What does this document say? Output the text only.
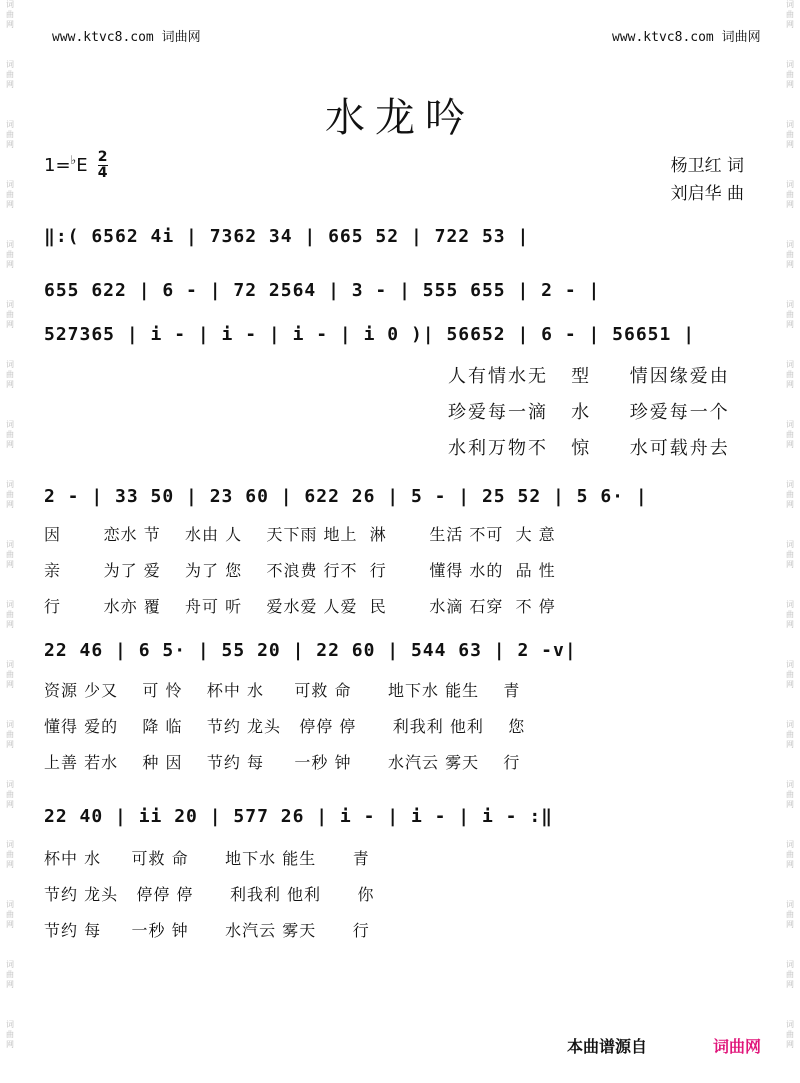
词
曲
网
词
曲
网
词
曲
网
词
曲
网
词
曲
网
词
曲
网
词
曲
网
词
曲
网
词
曲
网
词
曲
网
词
曲
网
词
曲
网
词
曲
网
词
曲
网
词
曲
网
词
曲
网
词
曲
网
词
曲
网
词
曲
网
词
曲
网
词
曲
网
词
曲
网
词
曲
网
词
曲
网
词
曲
网
词
曲
网
词
曲
网
词
曲
网
词
曲
网
词
曲
网
词
曲
网
词
曲
网
词
曲
网
词
曲
网
词
曲
网
词
曲
网
www.ktvc8.com 词曲网	www.ktvc8.com 词曲网
水龙吟
1= ♭ E 2
4	杨卫红 词
刘启华 曲
‖:( 6562 4i | 7362 34 | 665 52 | 722 53 |
655 622 | 6 - | 72 2564 | 3 - | 555 655 | 2 - |
527365 | i - | i - | i - | i 0 )| 56652 | 6 - | 56651 |
人有情水无   型     情因缘爱由
珍爱每一滴   水     珍爱每一个
水利万物不   惊     水可载舟去
2 - | 33 50 | 23 60 | 622 26 | 5 - | 25 52 | 5 6· |
因       恋水 节    水由 人    天下雨 地上  淋       生活 不可  大 意
亲       为了 爱    为了 您    不浪费 行不  行       懂得 水的  品 性
行       水亦 覆    舟可 听    爱水爱 人爱  民       水滴 石穿  不 停
22 46 | 6 5· | 55 20 | 22 60 | 544 63 | 2 -v|
资源 少又    可 怜    杯中 水     可救 命      地下水 能生    青
懂得 爱的    降 临    节约 龙头   停停 停      利我利 他利    您
上善 若水    种 因    节约 每     一秒 钟      水汽云 雾天    行
22 40 | ii 20 | 577 26 | i - | i - | i - :‖
杯中 水     可救 命      地下水 能生      青
节约 龙头   停停 停      利我利 他利      你
节约 每     一秒 钟      水汽云 雾天      行
本曲谱源自	词曲网
